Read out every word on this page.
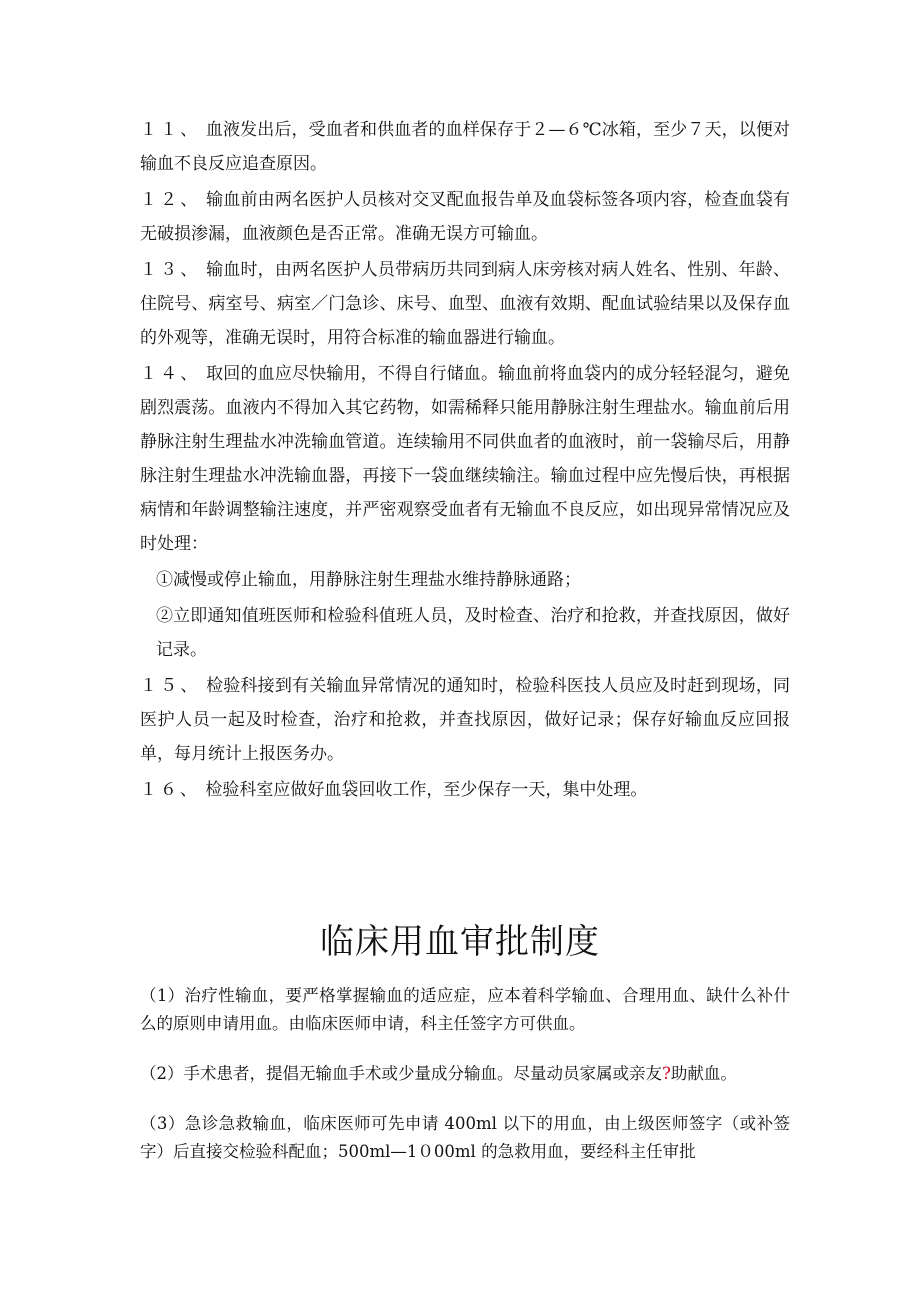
１１、 血液发出后，受血者和供血者的血样保存于２—６℃冰箱，至少７天，以便对输血不良反应追查原因。

１２、 输血前由两名医护人员核对交叉配血报告单及血袋标签各项内容，检查血袋有无破损渗漏，血液颜色是否正常。准确无误方可输血。

１３、 输血时，由两名医护人员带病历共同到病人床旁核对病人姓名、性别、年龄、住院号、病室号、病室／门急诊、床号、血型、血液有效期、配血试验结果以及保存血的外观等，准确无误时，用符合标准的输血器进行输血。

１４、 取回的血应尽快输用，不得自行储血。输血前将血袋内的成分轻轻混匀，避免剧烈震荡。血液内不得加入其它药物，如需稀释只能用静脉注射生理盐水。输血前后用静脉注射生理盐水冲洗输血管道。连续输用不同供血者的血液时，前一袋输尽后，用静脉注射生理盐水冲洗输血器，再接下一袋血继续输注。输血过程中应先慢后快，再根据病情和年龄调整输注速度，并严密观察受血者有无输血不良反应，如出现异常情况应及时处理：

①减慢或停止输血，用静脉注射生理盐水维持静脉通路；

②立即通知值班医师和检验科值班人员，及时检查、治疗和抢救，并查找原因，做好记录。

１５、 检验科接到有关输血异常情况的通知时，检验科医技人员应及时赶到现场，同医护人员一起及时检查，治疗和抢救，并查找原因，做好记录；保存好输血反应回报单，每月统计上报医务办。

１６、 检验科室应做好血袋回收工作，至少保存一天，集中处理。

临床用血审批制度

（1）治疗性输血，要严格掌握输血的适应症，应本着科学输血、合理用血、缺什么补什么的原则申请用血。由临床医师申请，科主任签字方可供血。

（2）手术患者，提倡无输血手术或少量成分输血。尽量动员家属或亲友?助献血。

（3）急诊急救输血，临床医师可先申请 400ml 以下的用血，由上级医师签字（或补签字）后直接交检验科配血；500ml—1０00ml 的急救用血，要经科主任审批
